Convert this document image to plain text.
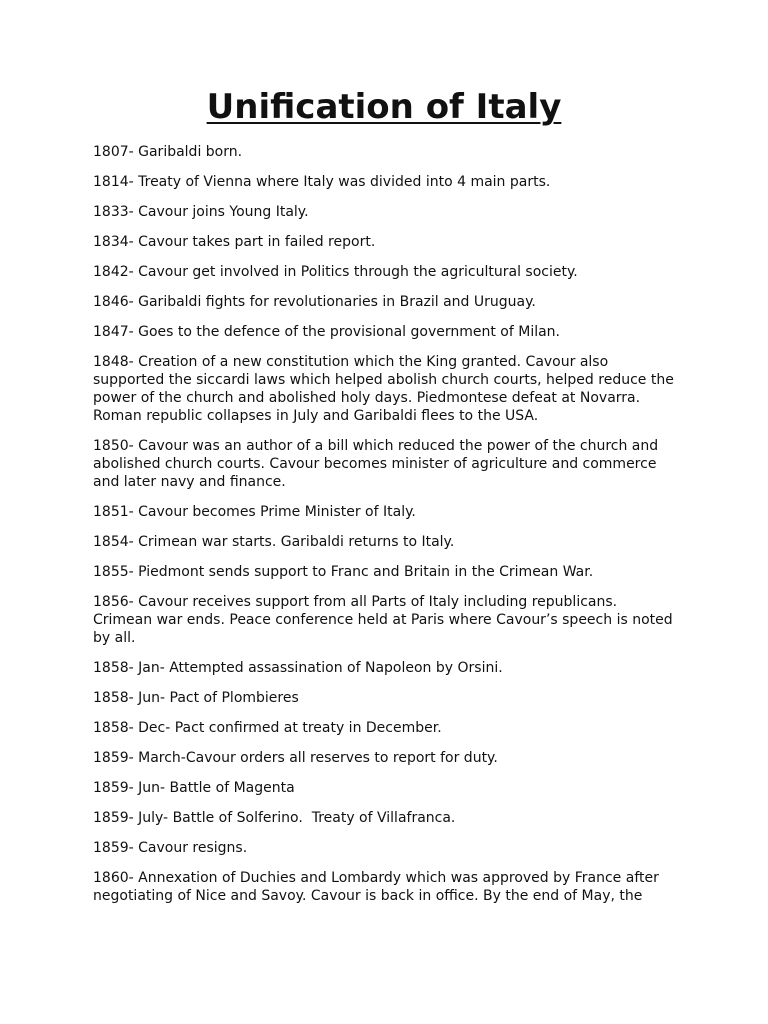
Unification of Italy
1807- Garibaldi born.
1814- Treaty of Vienna where Italy was divided into 4 main parts.
1833- Cavour joins Young Italy.
1834- Cavour takes part in failed report.
1842- Cavour get involved in Politics through the agricultural society.
1846- Garibaldi fights for revolutionaries in Brazil and Uruguay.
1847- Goes to the defence of the provisional government of Milan.
1848- Creation of a new constitution which the King granted. Cavour also supported the siccardi laws which helped abolish church courts, helped reduce the power of the church and abolished holy days. Piedmontese defeat at Novarra. Roman republic collapses in July and Garibaldi flees to the USA.
1850- Cavour was an author of a bill which reduced the power of the church and abolished church courts. Cavour becomes minister of agriculture and commerce and later navy and finance.
1851- Cavour becomes Prime Minister of Italy.
1854- Crimean war starts. Garibaldi returns to Italy.
1855- Piedmont sends support to Franc and Britain in the Crimean War.
1856- Cavour receives support from all Parts of Italy including republicans. Crimean war ends. Peace conference held at Paris where Cavour’s speech is noted by all.
1858- Jan- Attempted assassination of Napoleon by Orsini.
1858- Jun- Pact of Plombieres
1858- Dec- Pact confirmed at treaty in December.
1859- March-Cavour orders all reserves to report for duty.
1859- Jun- Battle of Magenta
1859- July- Battle of Solferino.  Treaty of Villafranca.
1859- Cavour resigns.
1860- Annexation of Duchies and Lombardy which was approved by France after negotiating of Nice and Savoy. Cavour is back in office. By the end of May, the
